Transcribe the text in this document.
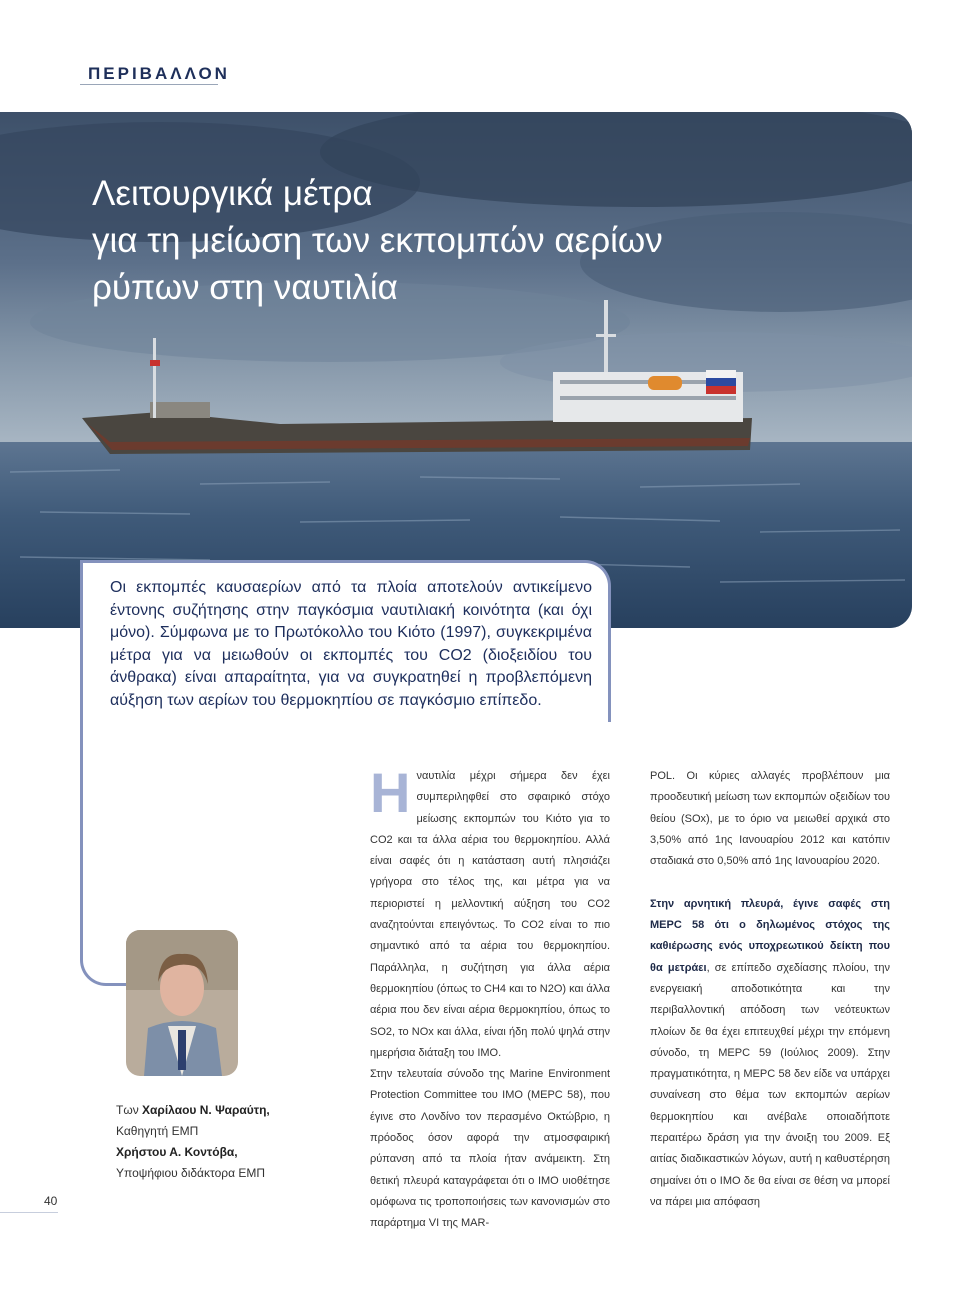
ΠΕΡΙΒΑΛΛΟΝ
Λειτουργικά μέτρα
για τη μείωση των εκπομπών αερίων
ρύπων στη ναυτιλία

Οι εκπομπές καυσαερίων από τα πλοία αποτελούν αντικείμενο έντονης συζήτησης στην παγκόσμια ναυτιλιακή κοινότητα (και όχι μόνο). Σύμφωνα με το Πρωτόκολλο του Κιότο (1997), συγκεκριμένα μέτρα για να μειωθούν οι εκπομπές του CO2 (διοξειδίου του άνθρακα) είναι απαραίτητα, για να συγκρατηθεί η προβλεπόμενη αύξηση των αερίων του θερμοκηπίου σε παγκόσμιο επίπεδο.

Των Χαρίλαου Ν. Ψαραύτη,
Καθηγητή ΕΜΠ
Χρήστου Α. Κοντόβα,
Υποψήφιου διδάκτορα ΕΜΠ
Η ναυτιλία μέχρι σήμερα δεν έχει συμπεριληφθεί στο σφαιρικό στόχο μείωσης εκπομπών του Κιότο για το CO2 και τα άλλα αέρια του θερμοκηπίου. Αλλά είναι σαφές ότι η κατάσταση αυτή πλησιάζει γρήγορα στο τέλος της, και μέτρα για να περιοριστεί η μελλοντική αύξηση του CO2 αναζητούνται επειγόντως. Το CO2 είναι το πιο σημαντικό από τα αέρια του θερμοκηπίου. Παράλληλα, η συζήτηση για άλλα αέρια θερμοκηπίου (όπως το CH4 και το N2O) και άλλα αέρια που δεν είναι αέρια θερμοκηπίου, όπως το SO2, το NOx και άλλα, είναι ήδη πολύ ψηλά στην ημερήσια διάταξη του ΙΜΟ.

Στην τελευταία σύνοδο της Marine Environment Protection Committee του ΙΜΟ (MEPC 58), που έγινε στο Λονδίνο τον περασμένο Οκτώβριο, η πρόοδος όσον αφορά την ατμοσφαιρική ρύπανση από τα πλοία ήταν ανάμεικτη. Στη θετική πλευρά καταγράφεται ότι ο ΙΜΟ υιοθέτησε ομόφωνα τις τροποποιήσεις των κανονισμών στο παράρτημα VI της MAR-

POL. Οι κύριες αλλαγές προβλέπουν μια προοδευτική μείωση των εκπομπών οξειδίων του θείου (SOx), με το όριο να μειωθεί αρχικά στο 3,50% από 1ης Ιανουαρίου 2012 και κατόπιν σταδιακά στο 0,50% από 1ης Ιανουαρίου 2020.

Στην αρνητική πλευρά, έγινε σαφές στη MEPC 58 ότι ο δηλωμένος στόχος της καθιέρωσης ενός υποχρεωτικού δείκτη που θα μετράει, σε επίπεδο σχεδίασης πλοίου, την ενεργειακή αποδοτικότητα και την περιβαλλοντική απόδοση των νεότευκτων πλοίων δε θα έχει επιτευχθεί μέχρι την επόμενη σύνοδο, τη MEPC 59 (Ιούλιος 2009). Στην πραγματικότητα, η MEPC 58 δεν είδε να υπάρχει συναίνεση στο θέμα των εκπομπών αερίων θερμοκηπίου και ανέβαλε οποιαδήποτε περαιτέρω δράση για την άνοιξη του 2009. Εξ αιτίας διαδικαστικών λόγων, αυτή η καθυστέρηση σημαίνει ότι ο ΙΜΟ δε θα είναι σε θέση να μπορεί να πάρει μια απόφαση

40
